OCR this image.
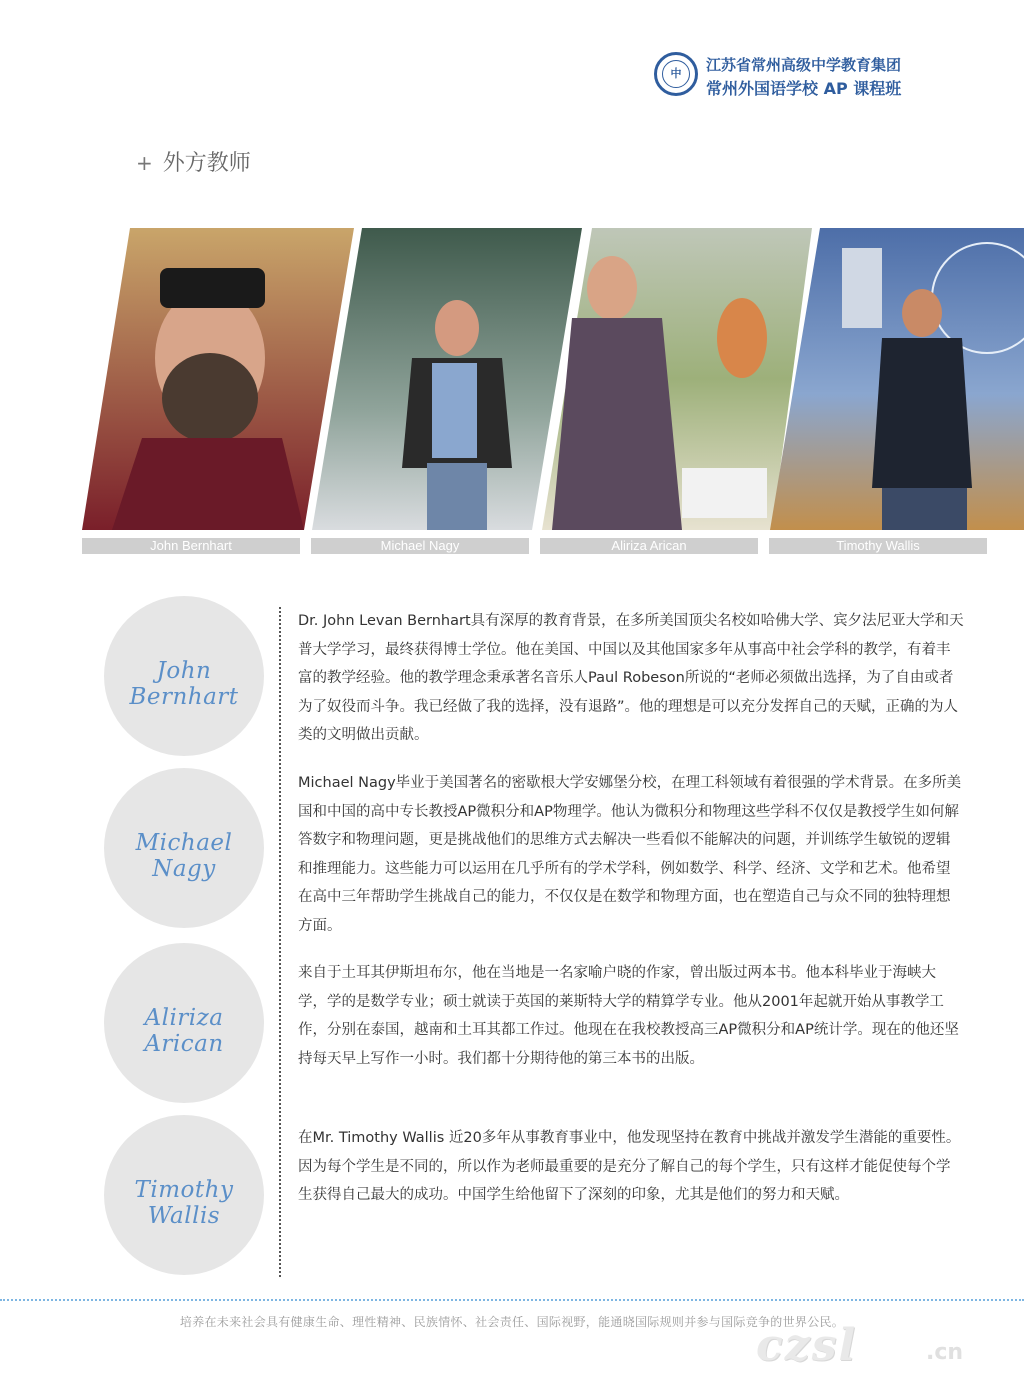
中	江苏省常州高级中学教育集团
常州外国语学校 AP 课程班
+ 外方教师
John Bernhart	Michael Nagy	Aliriza Arican	Timothy Wallis
John Bernhart
Dr. John Levan Bernhart具有深厚的教育背景，在多所美国顶尖名校如哈佛大学、宾夕法尼亚大学和天普大学学习，最终获得博士学位。他在美国、中国以及其他国家多年从事高中社会学科的教学，有着丰富的教学经验。他的教学理念秉承著名音乐人Paul Robeson所说的“老师必须做出选择，为了自由或者为了奴役而斗争。我已经做了我的选择，没有退路”。他的理想是可以充分发挥自己的天赋，正确的为人类的文明做出贡献。
Michael Nagy
Michael Nagy毕业于美国著名的密歇根大学安娜堡分校，在理工科领域有着很强的学术背景。在多所美国和中国的高中专长教授AP微积分和AP物理学。他认为微积分和物理这些学科不仅仅是教授学生如何解答数字和物理问题，更是挑战他们的思维方式去解决一些看似不能解决的问题，并训练学生敏锐的逻辑和推理能力。这些能力可以运用在几乎所有的学术学科，例如数学、科学、经济、文学和艺术。他希望在高中三年帮助学生挑战自己的能力，不仅仅是在数学和物理方面，也在塑造自己与众不同的独特理想方面。
Aliriza Arican
来自于土耳其伊斯坦布尔，他在当地是一名家喻户晓的作家，曾出版过两本书。他本科毕业于海峡大学，学的是数学专业；硕士就读于英国的莱斯特大学的精算学专业。他从2001年起就开始从事教学工作，分别在泰国，越南和土耳其都工作过。他现在在我校教授高三AP微积分和AP统计学。现在的他还坚持每天早上写作一小时。我们都十分期待他的第三本书的出版。
Timothy Wallis
在Mr. Timothy Wallis 近20多年从事教育事业中，他发现坚持在教育中挑战并激发学生潜能的重要性。因为每个学生是不同的，所以作为老师最重要的是充分了解自己的每个学生，只有这样才能促使每个学生获得自己最大的成功。中国学生给他留下了深刻的印象，尤其是他们的努力和天赋。
培养在未来社会具有健康生命、理性精神、民族情怀、社会责任、国际视野，能通晓国际规则并参与国际竞争的世界公民。
czsl	.cn
